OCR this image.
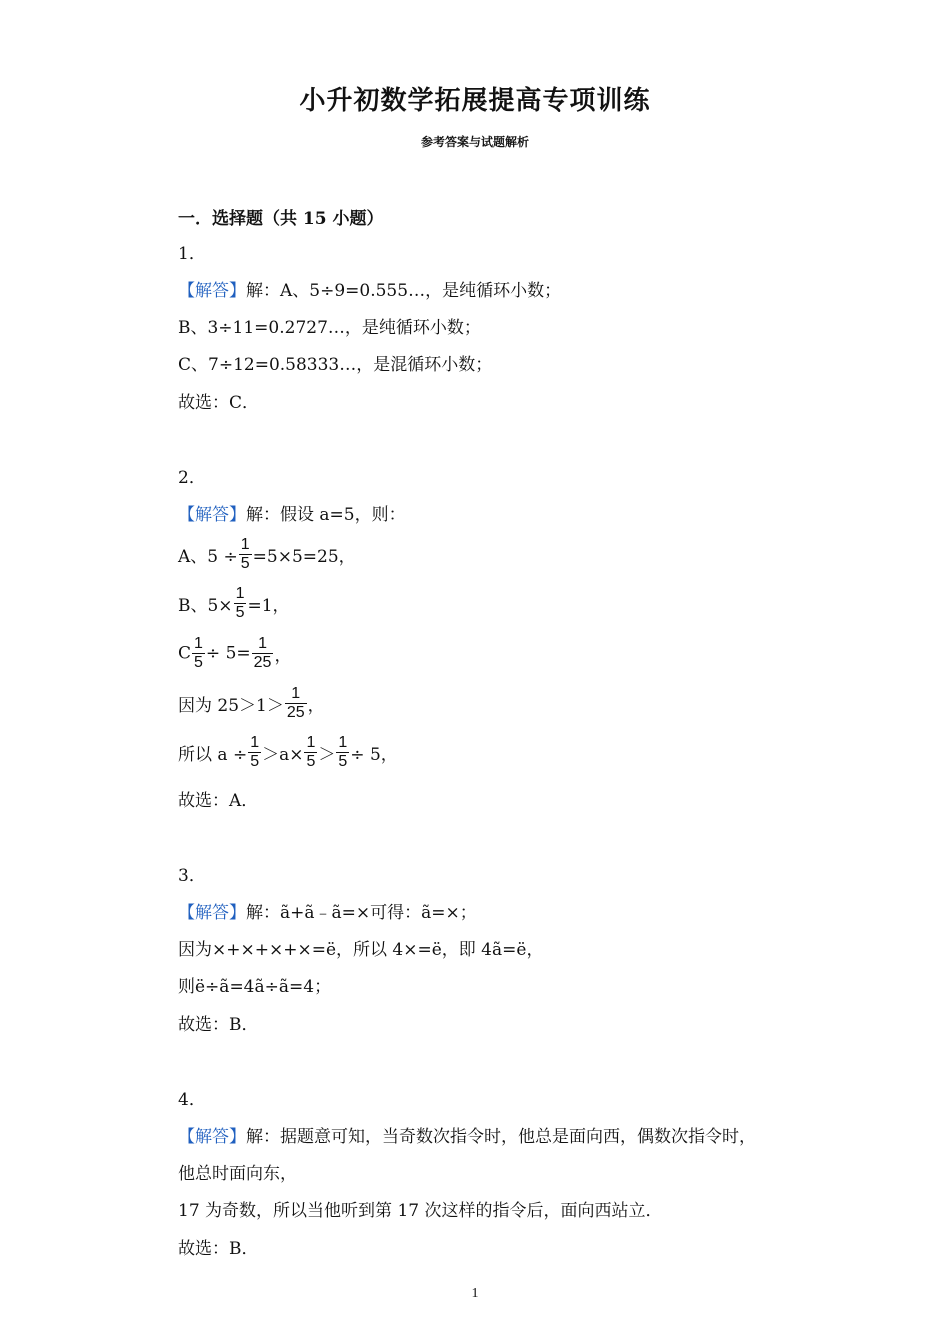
小升初数学拓展提高专项训练
参考答案与试题解析
一．选择题（共 15 小题）
1．
【解答】解：A、5÷9=0.555…，是纯循环小数；
B、3÷11=0.2727…，是纯循环小数；
C、7÷12=0.58333…，是混循环小数；
故选：C．
2．
【解答】解：假设 a=5，则：
A、$5 \div \frac{1}{5} =5\times 5=25$，
B、$5\times \frac{1}{5} =1$，
C $\frac{1}{5} \div 5= \frac{1}{25}$ ，
因为 $25>1> \frac{1}{25}$ ，
所以 $a \div \frac{1}{5} >a\times \frac{1}{5} > \frac{1}{5} \div 5$，
故选：A．
3．
【解答】解：ã+ã﹣ã=×可得：ã=×；
因为×+×+×+×=ë，所以 4×=ë，即 4ã=ë，
则ë÷ã=4ã÷ã=4；
故选：B．
4．
【解答】解：据题意可知，当奇数次指令时，他总是面向西，偶数次指令时，
他总时面向东，
17 为奇数，所以当他听到第 17 次这样的指令后，面向西站立．
故选：B．
1
